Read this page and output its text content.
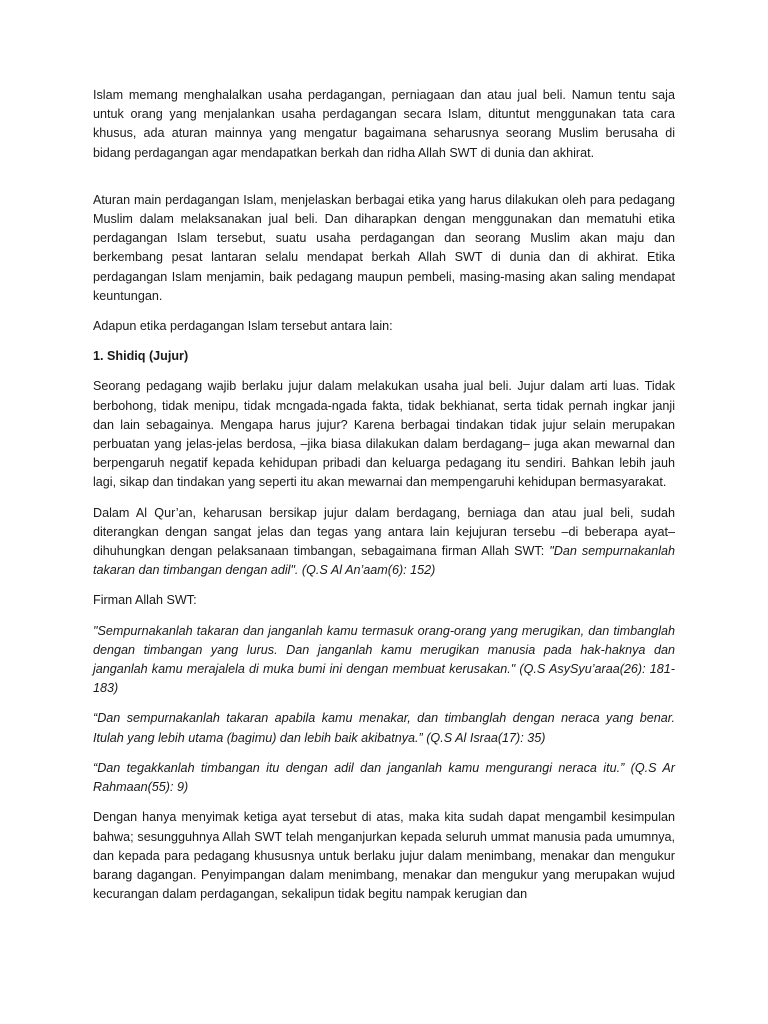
Islam memang menghalalkan usaha perdagangan, perniagaan dan atau jual beli. Namun tentu saja untuk orang yang menjalankan usaha perdagangan secara Islam, dituntut menggunakan tata cara khusus, ada aturan mainnya yang mengatur bagaimana seharusnya seorang Muslim berusaha di bidang perdagangan agar mendapatkan berkah dan ridha Allah SWT di dunia dan akhirat.

Aturan main perdagangan Islam, menjelaskan berbagai etika yang harus dilakukan oleh para pedagang Muslim dalam melaksanakan jual beli. Dan diharapkan dengan menggunakan dan mematuhi etika perdagangan Islam tersebut, suatu usaha perdagangan dan seorang Muslim akan maju dan berkembang pesat lantaran selalu mendapat berkah Allah SWT di dunia dan di akhirat. Etika perdagangan Islam menjamin, baik pedagang maupun pembeli, masing-masing akan saling mendapat keuntungan.

Adapun etika perdagangan Islam tersebut antara lain:

1. Shidiq (Jujur)

Seorang pedagang wajib berlaku jujur dalam melakukan usaha jual beli. Jujur dalam arti luas. Tidak berbohong, tidak menipu, tidak mcngada-ngada fakta, tidak bekhianat, serta tidak pernah ingkar janji dan lain sebagainya. Mengapa harus jujur? Karena berbagai tindakan tidak jujur selain merupakan perbuatan yang jelas-jelas berdosa, –jika biasa dilakukan dalam berdagang– juga akan mewarnal dan berpengaruh negatif kepada kehidupan pribadi dan keluarga pedagang itu sendiri. Bahkan lebih jauh lagi, sikap dan tindakan yang seperti itu akan mewarnai dan mempengaruhi kehidupan bermasyarakat.

Dalam Al Qur’an, keharusan bersikap jujur dalam berdagang, berniaga dan atau jual beli, sudah diterangkan dengan sangat jelas dan tegas yang antara lain kejujuran tersebu –di beberapa ayat– dihuhungkan dengan pelaksanaan timbangan, sebagaimana firman Allah SWT: "Dan sempurnakanlah takaran dan timbangan dengan adil". (Q.S Al An’aam(6): 152)

Firman Allah SWT:

"Sempurnakanlah takaran dan janganlah kamu termasuk orang-orang yang merugikan, dan timbanglah dengan timbangan yang lurus. Dan janganlah kamu merugikan manusia pada hak-haknya dan janganlah kamu merajalela di muka bumi ini dengan membuat kerusakan." (Q.S AsySyu’araa(26): 181-183)

“Dan sempurnakanlah takaran apabila kamu menakar, dan timbanglah dengan neraca yang benar. Itulah yang lebih utama (bagimu) dan lebih baik akibatnya.” (Q.S Al Israa(17): 35)

“Dan tegakkanlah timbangan itu dengan adil dan janganlah kamu mengurangi neraca itu.” (Q.S Ar Rahmaan(55): 9)

Dengan hanya menyimak ketiga ayat tersebut di atas, maka kita sudah dapat mengambil kesimpulan bahwa; sesungguhnya Allah SWT telah menganjurkan kepada seluruh ummat manusia pada umumnya, dan kepada para pedagang khususnya untuk berlaku jujur dalam menimbang, menakar dan mengukur barang dagangan. Penyimpangan dalam menimbang, menakar dan mengukur yang merupakan wujud kecurangan dalam perdagangan, sekalipun tidak begitu nampak kerugian dan
